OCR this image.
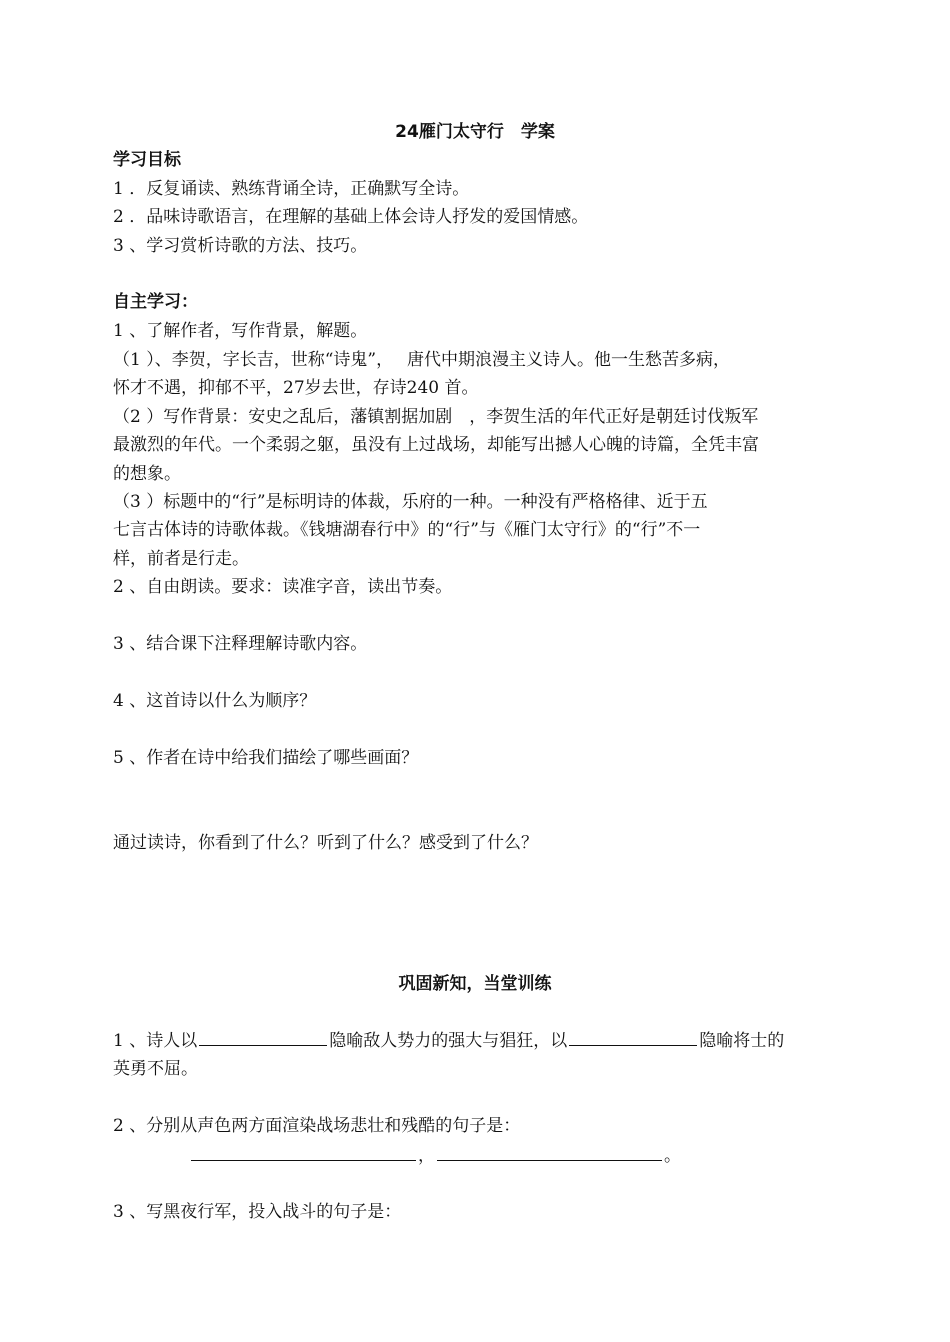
24雁门太守行　学案
学习目标
1 ．反复诵读、熟练背诵全诗，正确默写全诗。
2 ．品味诗歌语言，在理解的基础上体会诗人抒发的爱国情感。
3 、学习赏析诗歌的方法、技巧。
自主学习：
1 、了解作者，写作背景，解题。
（1 ）、李贺，字长吉，世称“诗鬼”，　 唐代中期浪漫主义诗人。他一生愁苦多病，
怀才不遇，抑郁不平，27岁去世，存诗240 首。
（2 ）写作背景：安史之乱后，藩镇割据加剧　，李贺生活的年代正好是朝廷讨伐叛军
最激烈的年代。一个柔弱之躯，虽没有上过战场，却能写出撼人心魄的诗篇，全凭丰富
的想象。
（3 ）标题中的“行”是标明诗的体裁，乐府的一种。一种没有严格格律、近于五
七言古体诗的诗歌体裁。《钱塘湖春行中》的“行”与《雁门太守行》的“行”不一
样，前者是行走。
2 、自由朗读。要求：读准字音，读出节奏。
3 、结合课下注释理解诗歌内容。
4 、这首诗以什么为顺序？
5 、作者在诗中给我们描绘了哪些画面？
通过读诗，你看到了什么？听到了什么？感受到了什么？
巩固新知，当堂训练
1 、诗人以	隐喻敌人势力的强大与猖狂，以	隐喻将士的
英勇不屈。
2 、分别从声色两方面渲染战场悲壮和残酷的句子是：
，	。
3 、写黑夜行军，投入战斗的句子是：
